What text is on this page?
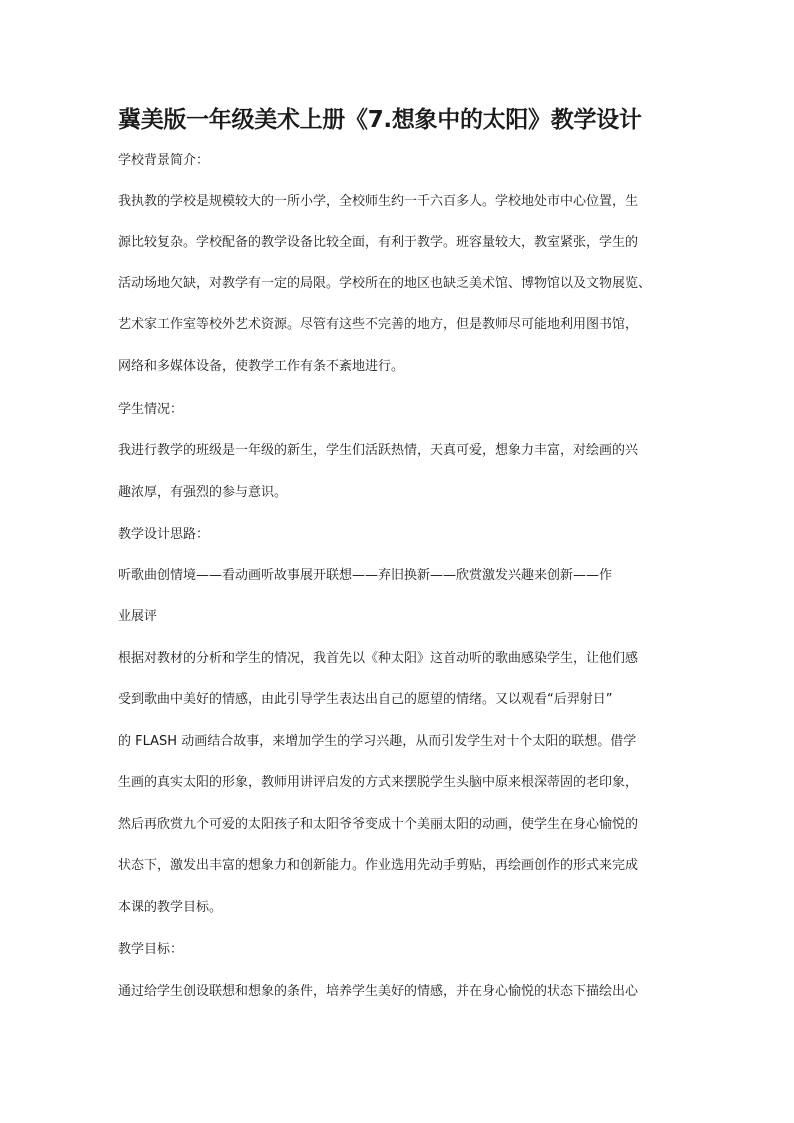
冀美版一年级美术上册《7.想象中的太阳》教学设计

学校背景简介：

我执教的学校是规模较大的一所小学，全校师生约一千六百多人。学校地处市中心位置，生

源比较复杂。学校配备的教学设备比较全面，有利于教学。班容量较大，教室紧张，学生的

活动场地欠缺，对教学有一定的局限。学校所在的地区也缺乏美术馆、博物馆以及文物展览、

艺术家工作室等校外艺术资源。尽管有这些不完善的地方，但是教师尽可能地利用图书馆，

网络和多媒体设备，使教学工作有条不紊地进行。

学生情况：

我进行教学的班级是一年级的新生，学生们活跃热情，天真可爱，想象力丰富，对绘画的兴

趣浓厚，有强烈的参与意识。

教学设计思路：

听歌曲创情境——看动画听故事展开联想——弃旧换新——欣赏激发兴趣来创新——作

业展评

根据对教材的分析和学生的情况，我首先以《种太阳》这首动听的歌曲感染学生，让他们感

受到歌曲中美好的情感，由此引导学生表达出自己的愿望的情绪。又以观看“后羿射日”

的 FLASH 动画结合故事，来增加学生的学习兴趣，从而引发学生对十个太阳的联想。借学

生画的真实太阳的形象，教师用讲评启发的方式来摆脱学生头脑中原来根深蒂固的老印象，

然后再欣赏九个可爱的太阳孩子和太阳爷爷变成十个美丽太阳的动画，使学生在身心愉悦的

状态下，激发出丰富的想象力和创新能力。作业选用先动手剪贴，再绘画创作的形式来完成

本课的教学目标。

教学目标：

通过给学生创设联想和想象的条件，培养学生美好的情感，并在身心愉悦的状态下描绘出心
